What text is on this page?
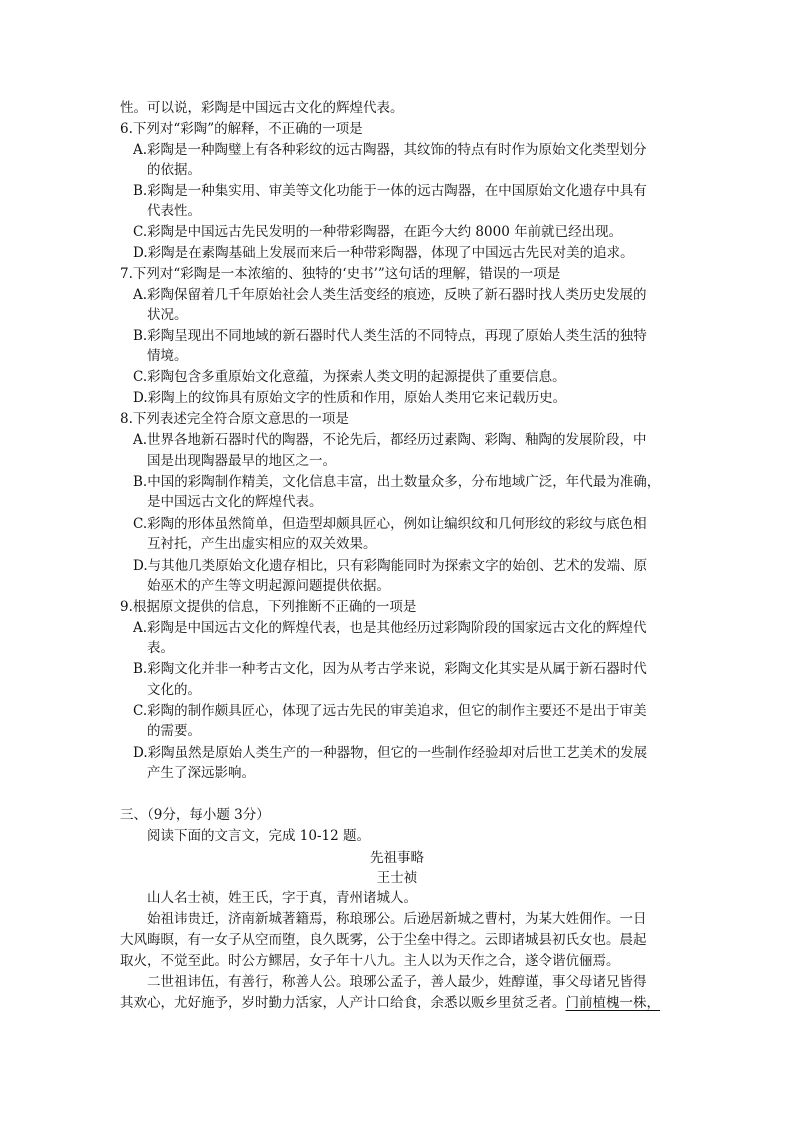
性。可以说，彩陶是中国远古文化的辉煌代表。
6.下列对“彩陶”的解释，不正确的一项是
A.彩陶是一种陶璧上有各种彩纹的远古陶器，其纹饰的特点有时作为原始文化类型划分
的依据。
B.彩陶是一种集实用、审美等文化功能于一体的远古陶器，在中国原始文化遗存中具有
代表性。
C.彩陶是中国远古先民发明的一种带彩陶器，在距今大约 8000 年前就已经出现。
D.彩陶是在素陶基础上发展而来后一种带彩陶器，体现了中国远古先民对美的追求。
7.下列对“彩陶是一本浓缩的、独特的‘史书’”这句话的理解，错误的一项是
A.彩陶保留着几千年原始社会人类生活变经的痕迹，反映了新石器时找人类历史发展的
状况。
B.彩陶呈现出不同地域的新石器时代人类生活的不同特点，再现了原始人类生活的独特
情境。
C.彩陶包含多重原始文化意蕴，为探索人类文明的起源提供了重要信息。
D.彩陶上的纹饰具有原始文字的性质和作用，原始人类用它来记载历史。
8.下列表述完全符合原文意思的一项是
A.世界各地新石器时代的陶器，不论先后，都经历过素陶、彩陶、釉陶的发展阶段，中
国是出现陶器最早的地区之一。
B.中国的彩陶制作精美，文化信息丰富，出土数量众多，分布地域广泛，年代最为准确，
是中国远古文化的辉煌代表。
C.彩陶的形体虽然简单，但造型却颇具匠心，例如让编织纹和几何形纹的彩纹与底色相
互衬托，产生出虚实相应的双关效果。
D.与其他几类原始文化遗存相比，只有彩陶能同时为探索文字的始创、艺术的发端、原
始巫术的产生等文明起源问题提供依据。
9.根据原文提供的信息，下列推断不正确的一项是
A.彩陶是中国远古文化的辉煌代表，也是其他经历过彩陶阶段的国家远古文化的辉煌代
表。
B.彩陶文化并非一种考古文化，因为从考古学来说，彩陶文化其实是从属于新石器时代
文化的。
C.彩陶的制作颇具匠心，体现了远古先民的审美追求，但它的制作主要还不是出于审美
的需要。
D.彩陶虽然是原始人类生产的一种器物，但它的一些制作经验却对后世工艺美术的发展
产生了深远影响。
三、（9分，每小题 3分）
阅读下面的文言文，完成 10-12 题。
先祖事略
王士祯
山人名士祯，姓王氏，字于真，青州诸城人。
始祖讳贵迁，济南新城著籍焉，称琅琊公。后逊居新城之曹村，为某大姓佣作。一日
大风晦暝，有一女子从空而堕，良久既雾，公于尘垒中得之。云即诸城县初氏女也。晨起
取火，不觉至此。时公方鳏居，女子年十八九。主人以为天作之合，遂令谐伉俪焉。
二世祖讳伍，有善行，称善人公。琅琊公孟子，善人最少，姓醇谨，事父母诸兄皆得
其欢心，尤好施予，岁时勤力活家，人产计口给食，余悉以贩乡里贫乏者。门前植槐一株，
